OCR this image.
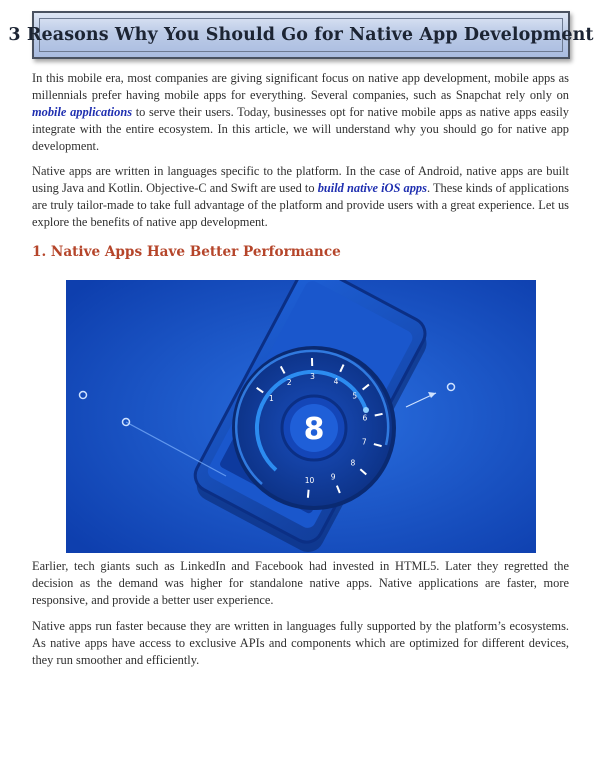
3 Reasons Why You Should Go for Native App Development

In this mobile era, most companies are giving significant focus on native app development, mobile apps as millennials prefer having mobile apps for everything. Several companies, such as Snapchat rely only on mobile applications to serve their users. Today, businesses opt for native mobile apps as native apps easily integrate with the entire ecosystem. In this article, we will understand why you should go for native app development.

Native apps are written in languages specific to the platform. In the case of Android, native apps are built using Java and Kotlin. Objective-C and Swift are used to build native iOS apps. These kinds of applications are truly tailor-made to take full advantage of the platform and provide users with a great experience. Let us explore the benefits of native app development.

1. Native Apps Have Better Performance
1
2
3
4
5
6
7
8
9
10
8

Earlier, tech giants such as LinkedIn and Facebook had invested in HTML5. Later they regretted the decision as the demand was higher for standalone native apps. Native applications are faster, more responsive, and provide a better user experience.

Native apps run faster because they are written in languages fully supported by the platform’s ecosystems. As native apps have access to exclusive APIs and components which are optimized for different devices, they run smoother and efficiently.
